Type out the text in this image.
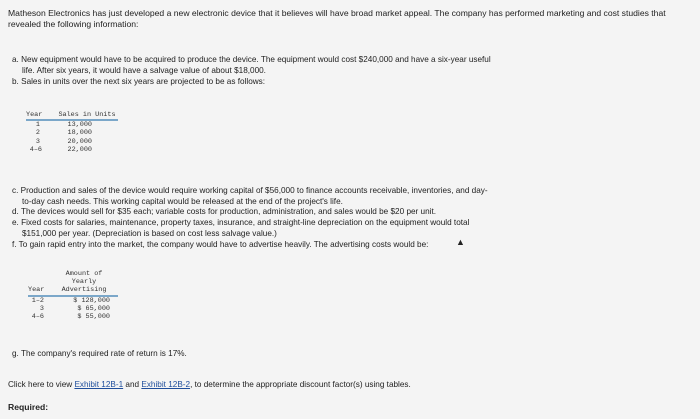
Matheson Electronics has just developed a new electronic device that it believes will have broad market appeal. The company has performed marketing and cost studies that revealed the following information:
a. New equipment would have to be acquired to produce the device. The equipment would cost $240,000 and have a six-year useful
life. After six years, it would have a salvage value of about $18,000.
b. Sales in units over the next six years are projected to be as follows:
Year	Sales in Units
1	13,000
2	18,000
3	20,000
4–6	22,000
c. Production and sales of the device would require working capital of $56,000 to finance accounts receivable, inventories, and day-
to-day cash needs. This working capital would be released at the end of the project's life.
d. The devices would sell for $35 each; variable costs for production, administration, and sales would be $20 per unit.
e. Fixed costs for salaries, maintenance, property taxes, insurance, and straight-line depreciation on the equipment would total
$151,000 per year. (Depreciation is based on cost less salvage value.)
f. To gain rapid entry into the market, the company would have to advertise heavily. The advertising costs would be:	▲
	Amount of
	Yearly
Year	Advertising
1–2	$ 128,000
3	$ 65,000
4–6	$ 55,000
g. The company's required rate of return is 17%.
Click here to view Exhibit 12B-1 and Exhibit 12B-2, to determine the appropriate discount factor(s) using tables.
Required:
